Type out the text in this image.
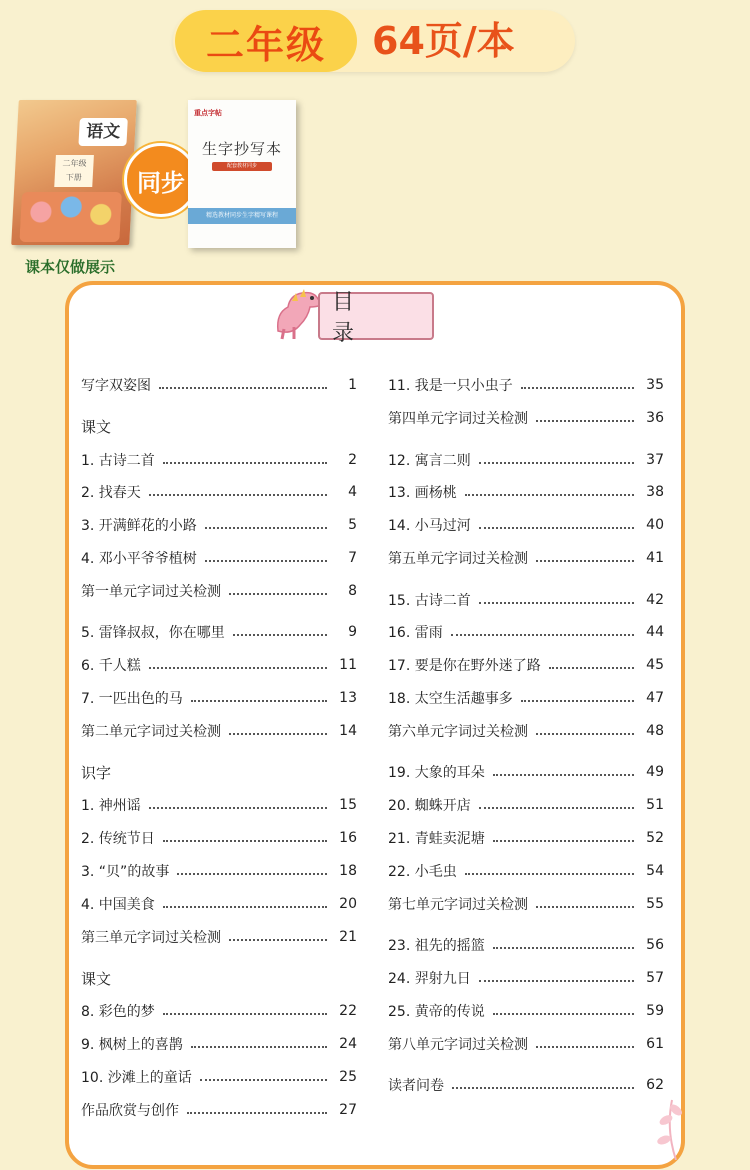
二年级	64页/本
语文
二年级
下册	同步
重点字帖
生字抄写本
配套教材同步
精选教材同步生字精写课程
课本仅做展示
目 录
写字双姿图	1
课文
1. 古诗二首	2
2. 找春天	4
3. 开满鲜花的小路	5
4. 邓小平爷爷植树	7
第一单元字词过关检测	8
5. 雷锋叔叔，你在哪里	9
6. 千人糕	11
7. 一匹出色的马	13
第二单元字词过关检测	14
识字
1. 神州谣	15
2. 传统节日	16
3. “贝”的故事	18
4. 中国美食	20
第三单元字词过关检测	21
课文
8. 彩色的梦	22
9. 枫树上的喜鹊	24
10. 沙滩上的童话	25
作品欣赏与创作	27
11. 我是一只小虫子	35
第四单元字词过关检测	36
12. 寓言二则	37
13. 画杨桃	38
14. 小马过河	40
第五单元字词过关检测	41
15. 古诗二首	42
16. 雷雨	44
17. 要是你在野外迷了路	45
18. 太空生活趣事多	47
第六单元字词过关检测	48
19. 大象的耳朵	49
20. 蜘蛛开店	51
21. 青蛙卖泥塘	52
22. 小毛虫	54
第七单元字词过关检测	55
23. 祖先的摇篮	56
24. 羿射九日	57
25. 黄帝的传说	59
第八单元字词过关检测	61
读者问卷	62
